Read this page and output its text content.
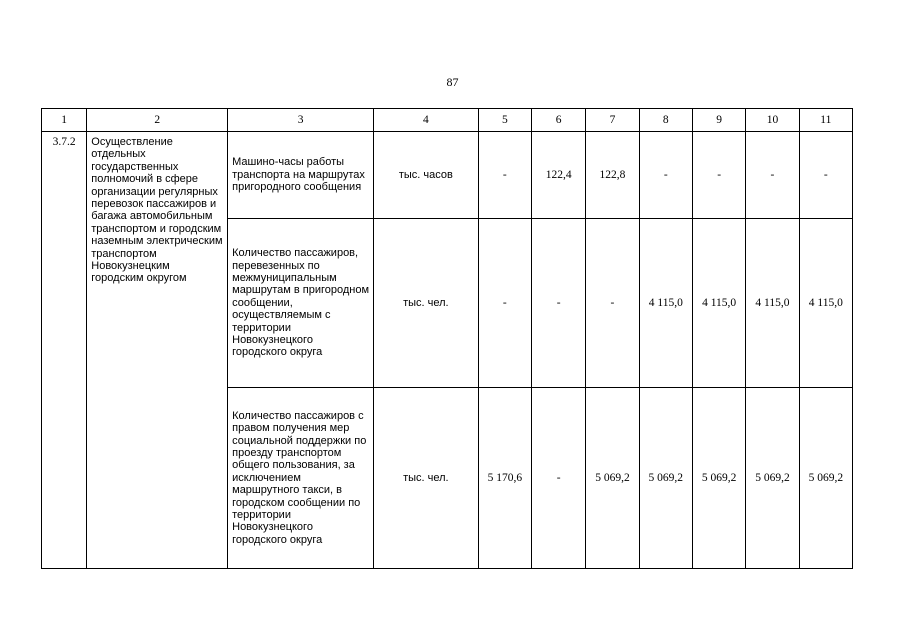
87
1	2	3	4	5	6	7	8	9	10	11
3.7.2	Осуществление отдельных государственных полномочий в сфере организации регулярных перевозок пассажиров и багажа автомобильным транспортом и городским наземным электрическим транспортом Новокузнецким городским округом	Машино-часы работы транспорта на маршрутах пригородного сообщения	тыс. часов	-	122,4	122,8	-	-	-	-
		Количество пассажиров, перевезенных по межмуниципальным маршрутам в пригородном сообщении, осуществляемым с территории Новокузнецкого городского округа	тыс. чел.	-	-	-	4 115,0	4 115,0	4 115,0	4 115,0
		Количество пассажиров с правом получения мер социальной поддержки по проезду транспортом общего пользования, за исключением маршрутного такси, в городском сообщении по территории Новокузнецкого городского округа	тыс. чел.	5 170,6	-	5 069,2	5 069,2	5 069,2	5 069,2	5 069,2
